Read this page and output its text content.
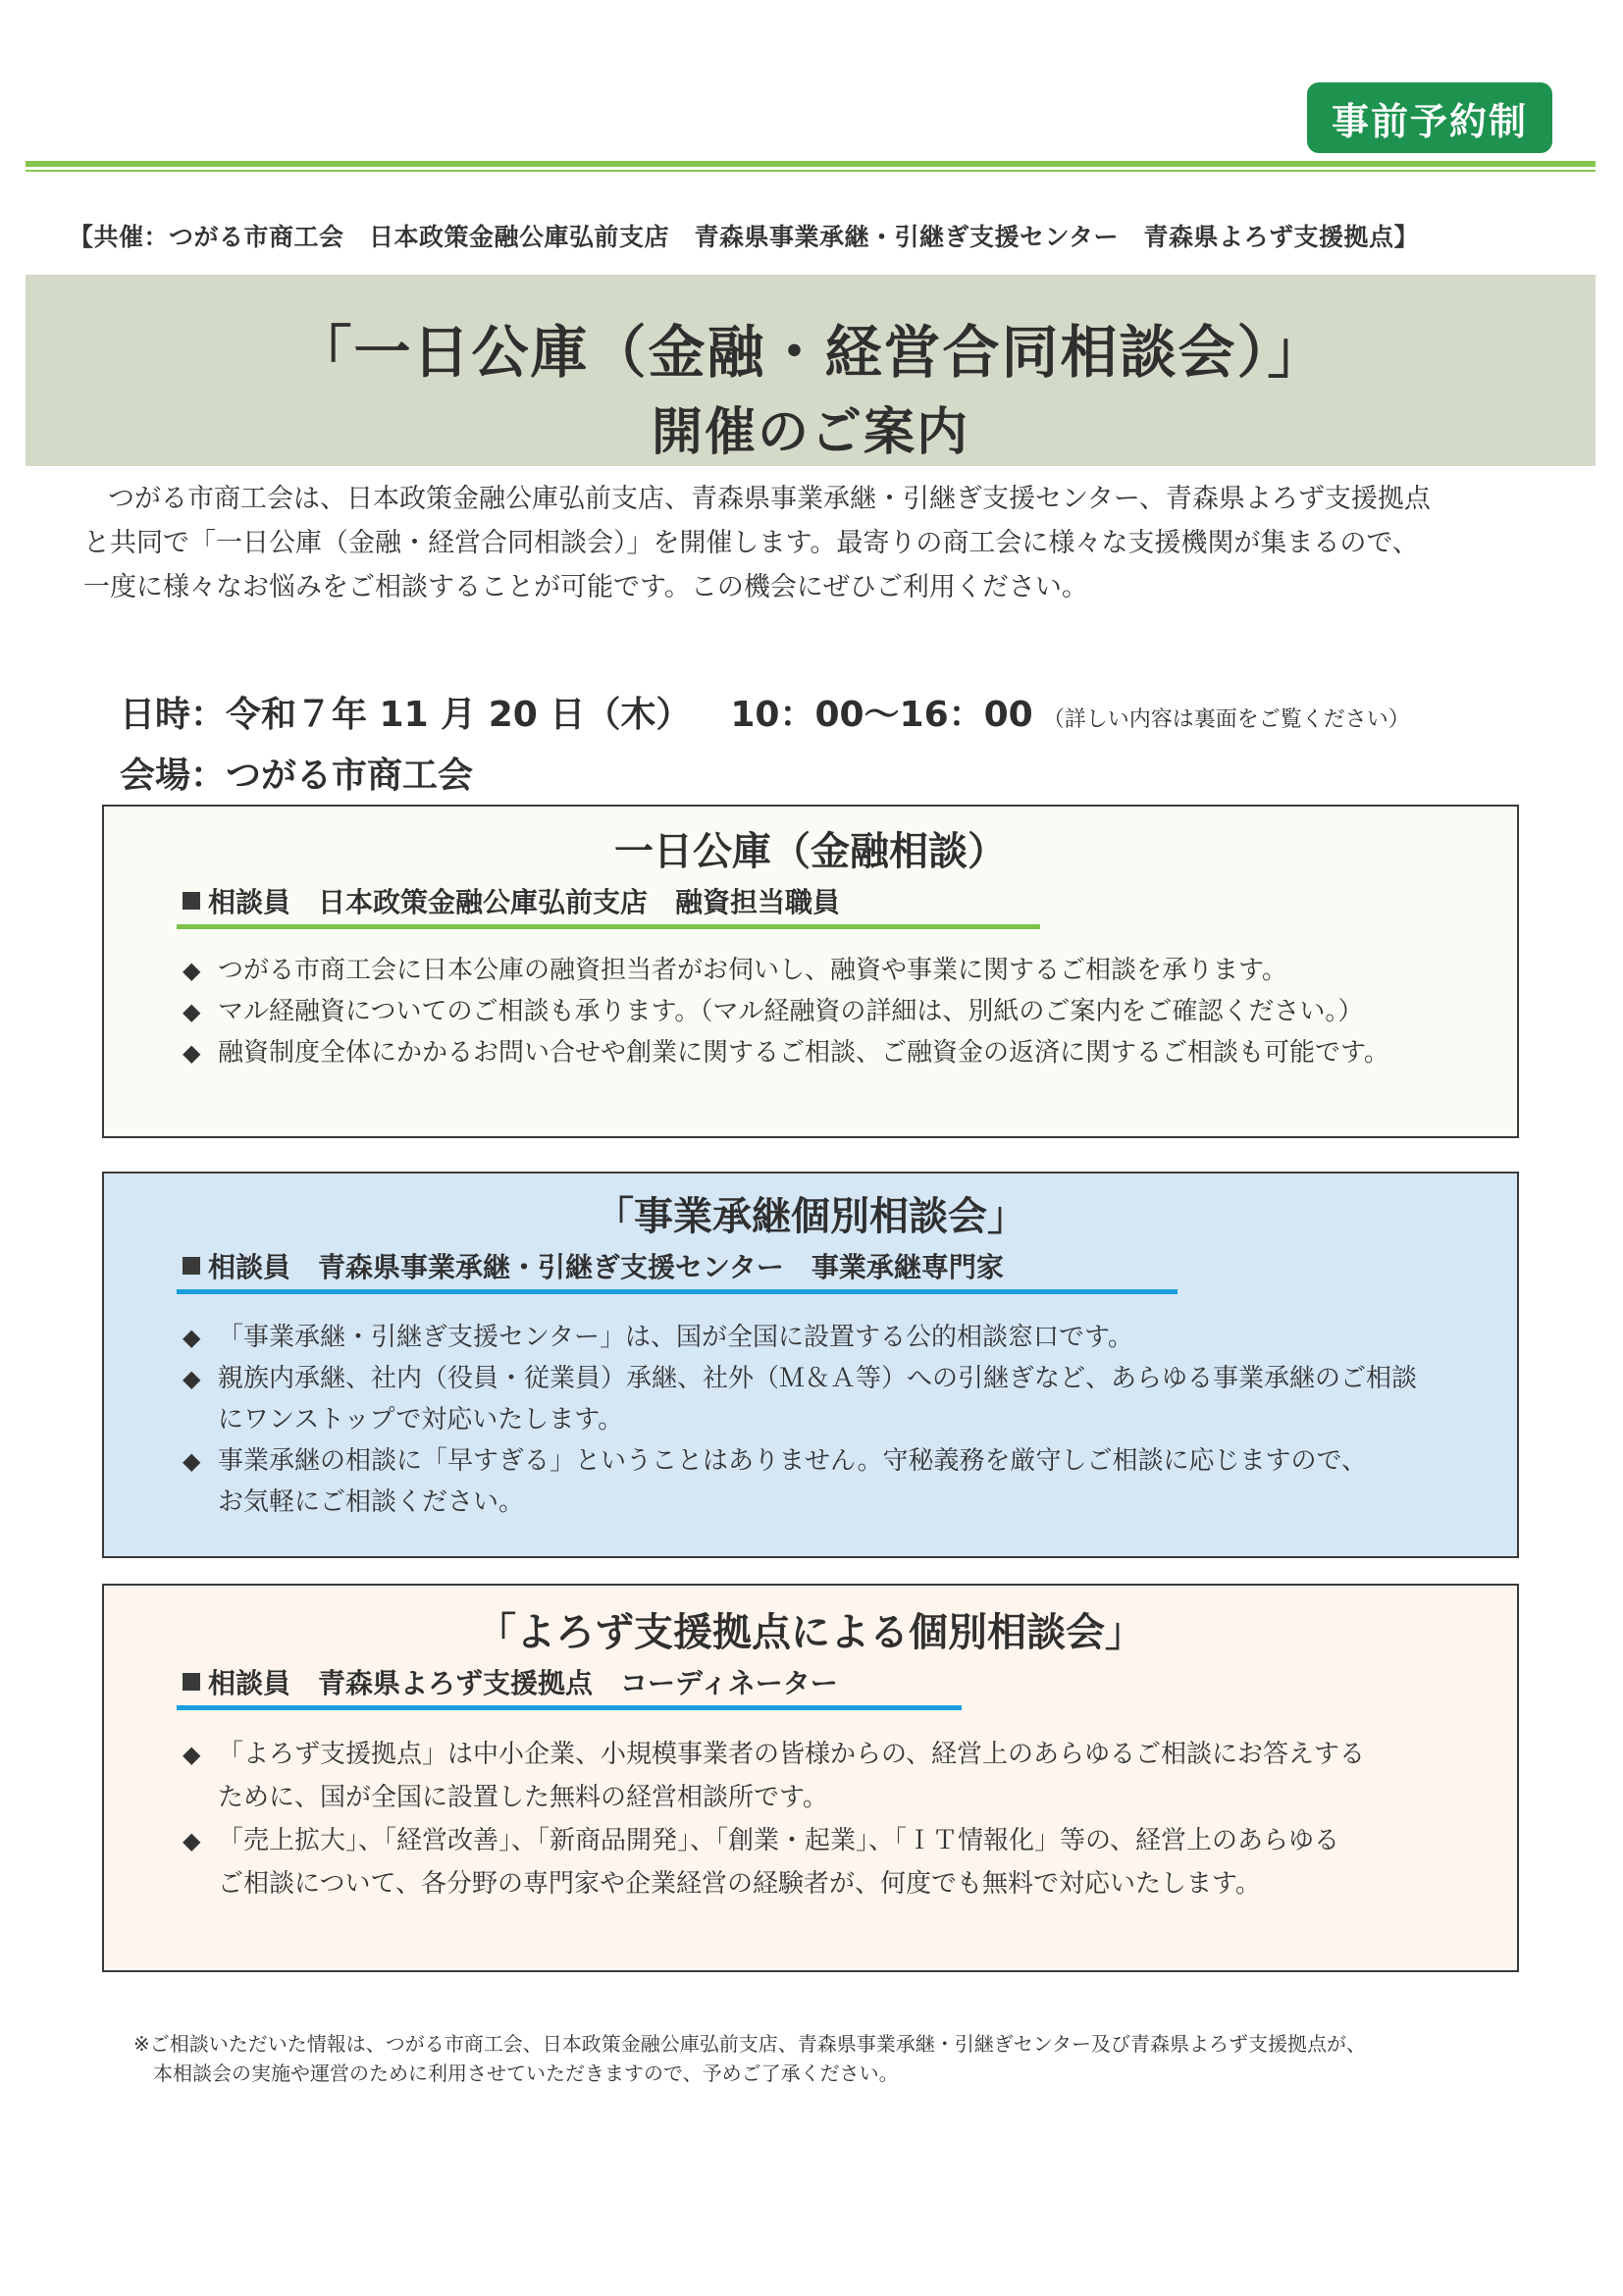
事前予約制
【共催：つがる市商工会　日本政策金融公庫弘前支店　青森県事業承継・引継ぎ支援センター　青森県よろず支援拠点】
「一日公庫（金融・経営合同相談会）」
開催のご案内

つがる市商工会は、日本政策金融公庫弘前支店、青森県事業承継・引継ぎ支援センター、青森県よろず支援拠点

と共同で「一日公庫（金融・経営合同相談会）」を開催します。最寄りの商工会に様々な支援機関が集まるので、

一度に様々なお悩みをご相談することが可能です。この機会にぜひご利用ください。

日時：令和７年 11 月 20 日（木） 10：00〜16：00 （詳しい内容は裏面をご覧ください）
会場：つがる市商工会
一日公庫（金融相談）
相談員 日本政策金融公庫弘前支店 融資担当職員
◆ つがる市商工会に日本公庫の融資担当者がお伺いし、融資や事業に関するご相談を承ります。
◆ マル経融資についてのご相談も承ります。（マル経融資の詳細は、別紙のご案内をご確認ください。）
◆ 融資制度全体にかかるお問い合せや創業に関するご相談、ご融資金の返済に関するご相談も可能です。
「事業承継個別相談会」
相談員 青森県事業承継・引継ぎ支援センター 事業承継専門家
◆ 「事業承継・引継ぎ支援センター」は、国が全国に設置する公的相談窓口です。
◆ 親族内承継、社内（役員・従業員）承継、社外（Ｍ＆Ａ等）への引継ぎなど、あらゆる事業承継のご相談
にワンストップで対応いたします。
◆ 事業承継の相談に「早すぎる」ということはありません。守秘義務を厳守しご相談に応じますので、
お気軽にご相談ください。
「よろず支援拠点による個別相談会」
相談員 青森県よろず支援拠点 コーディネーター
◆ 「よろず支援拠点」は中小企業、小規模事業者の皆様からの、経営上のあらゆるご相談にお答えする
ために、国が全国に設置した無料の経営相談所です。
◆ 「売上拡大」、「経営改善」、「新商品開発」、「創業・起業」、「ＩＴ情報化」等の、経営上のあらゆる
ご相談について、各分野の専門家や企業経営の経験者が、何度でも無料で対応いたします。

※ご相談いただいた情報は、つがる市商工会、日本政策金融公庫弘前支店、青森県事業承継・引継ぎセンター及び青森県よろず支援拠点が、

本相談会の実施や運営のために利用させていただきますので、予めご了承ください。
